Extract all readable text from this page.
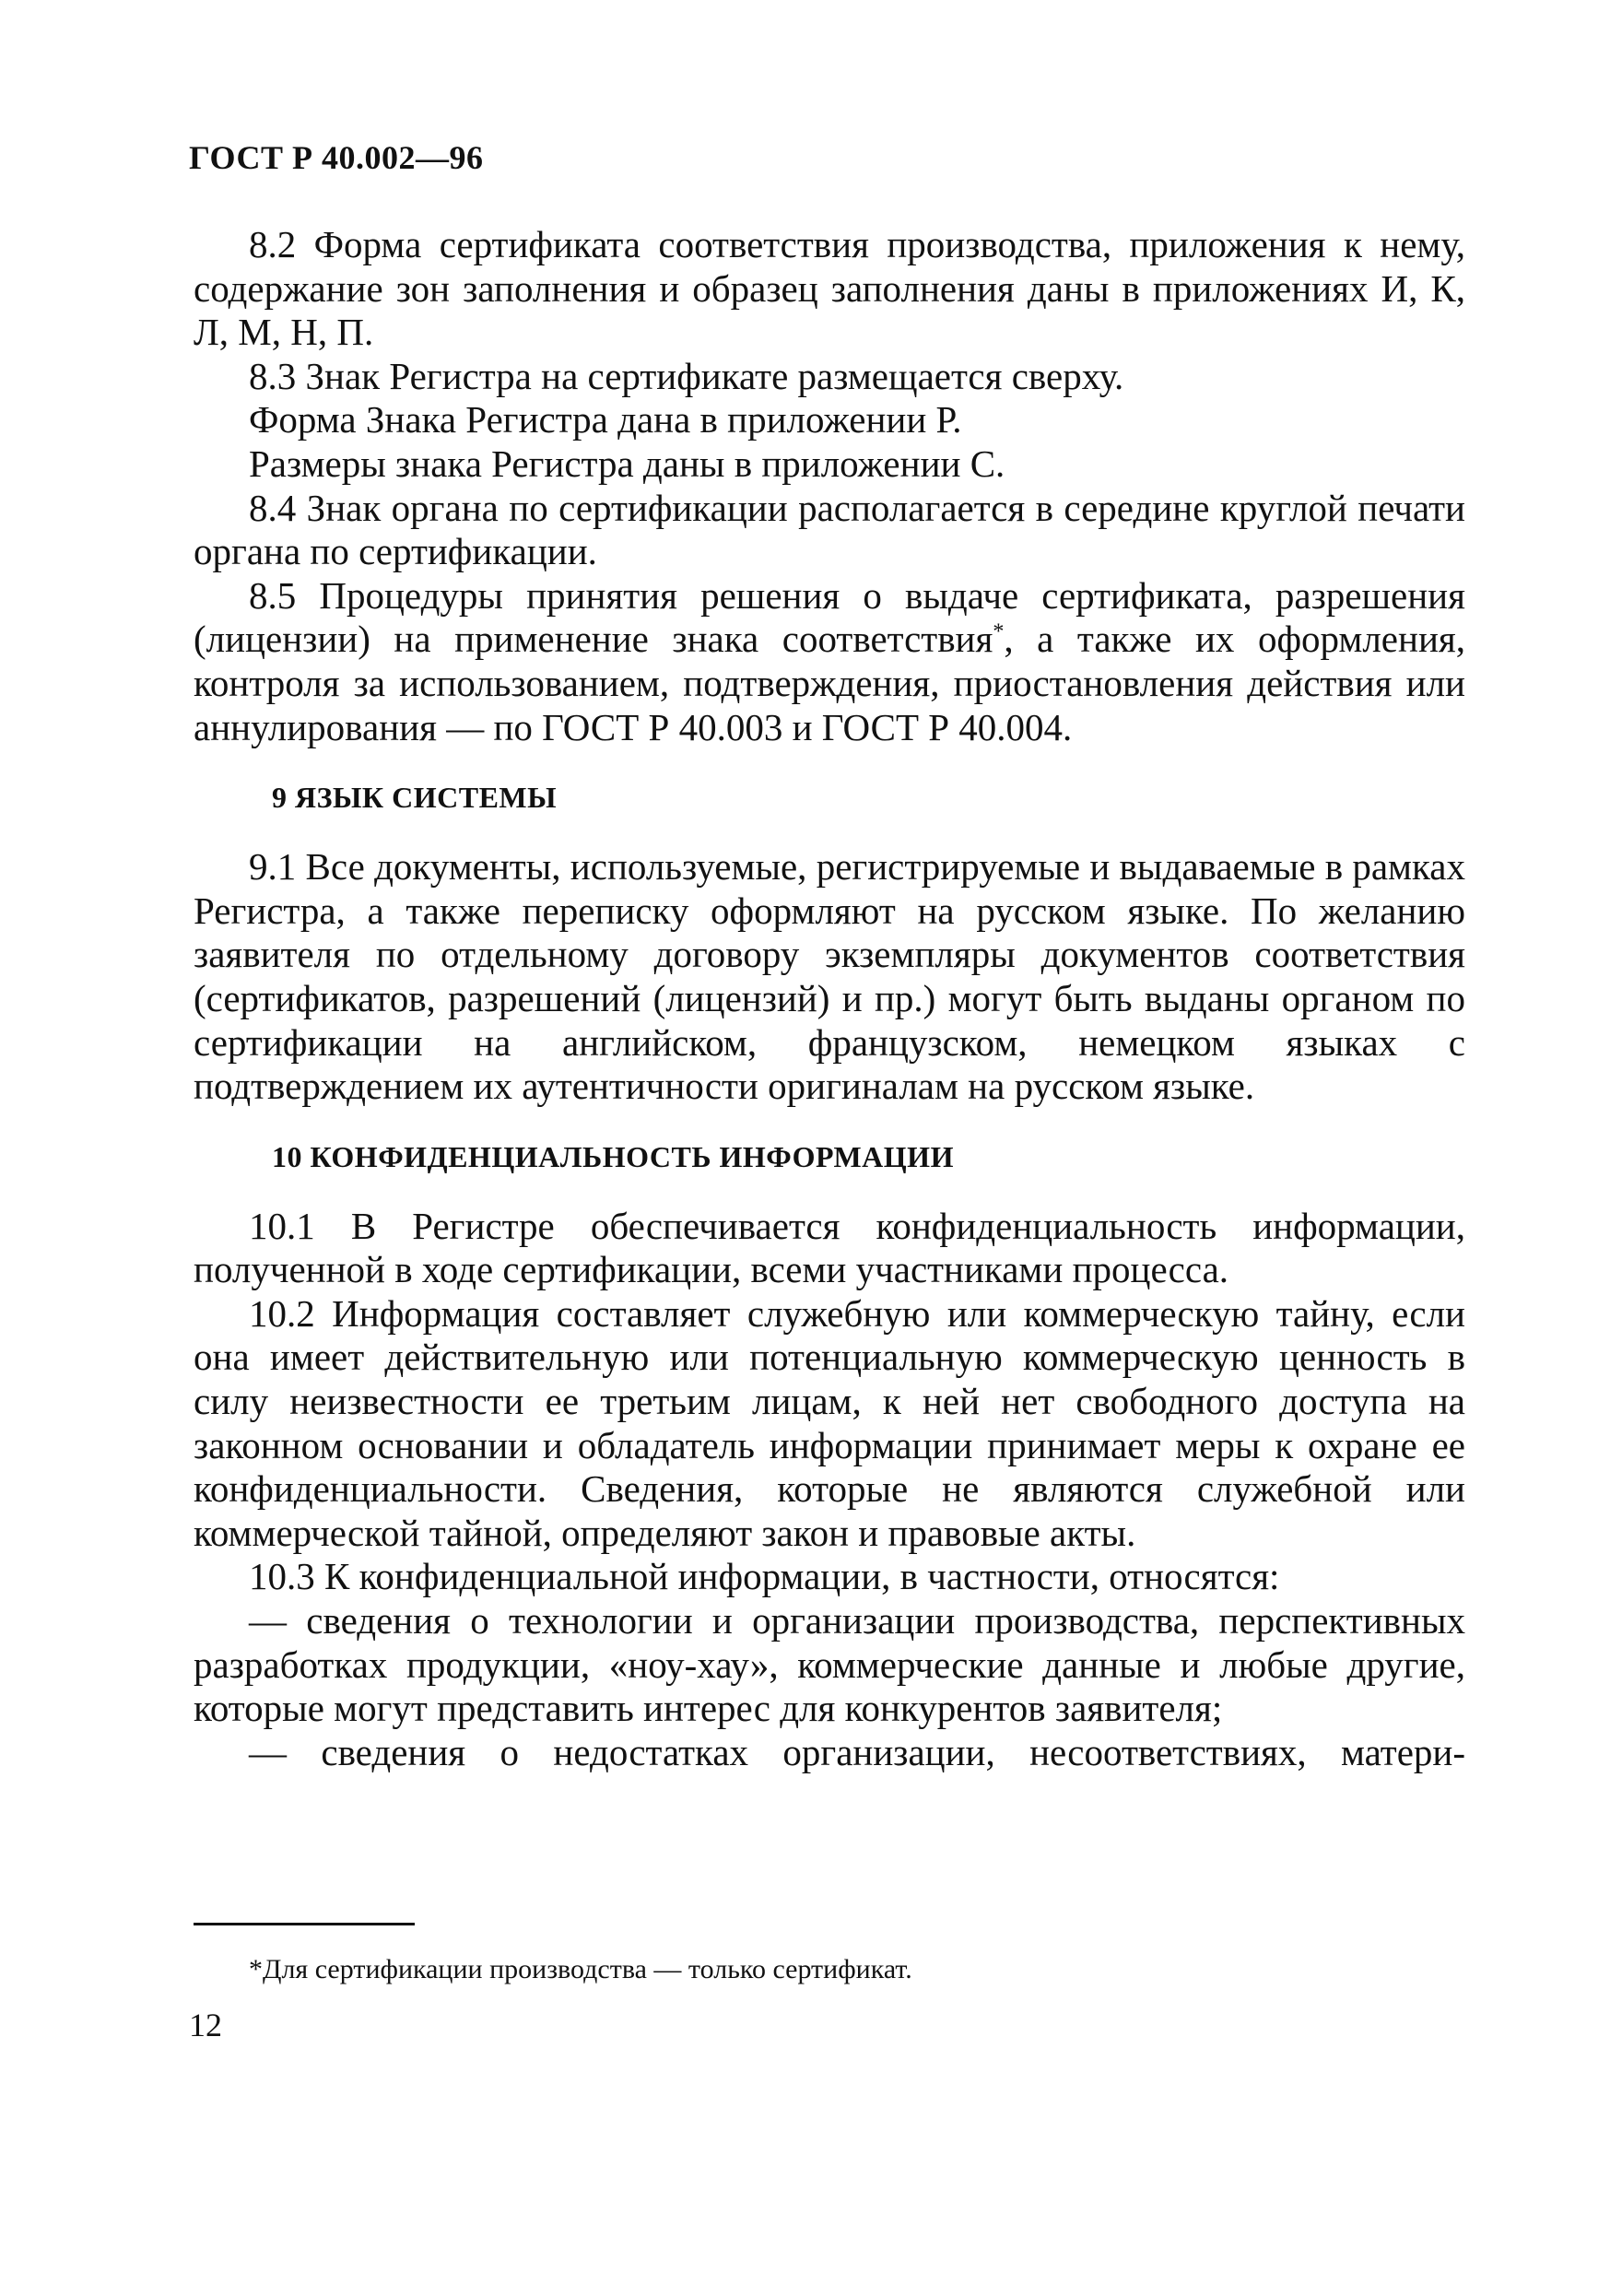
ГОСТ Р 40.002—96

8.2 Форма сертификата соответствия производства, приложения к нему, содержание зон заполнения и образец заполнения даны в приложениях И, К, Л, М, Н, П.

8.3 Знак Регистра на сертификате размещается сверху.

Форма Знака Регистра дана в приложении Р.

Размеры знака Регистра даны в приложении С.

8.4 Знак органа по сертификации располагается в середине круглой печати органа по сертификации.

8.5 Процедуры принятия решения о выдаче сертификата, разрешения (лицензии) на применение знака соответствия*, а также их оформления, контроля за использованием, подтверждения, приостановления действия или аннулирования — по ГОСТ Р 40.003 и ГОСТ Р 40.004.

9 ЯЗЫК СИСТЕМЫ

9.1 Все документы, используемые, регистрируемые и выдаваемые в рамках Регистра, а также переписку оформляют на русском языке. По желанию заявителя по отдельному договору экземпляры документов соответствия (сертификатов, разрешений (лицензий) и пр.) могут быть выданы органом по сертификации на английском, французском, немецком языках с подтверждением их аутентичности оригиналам на русском языке.

10 КОНФИДЕНЦИАЛЬНОСТЬ ИНФОРМАЦИИ

10.1 В Регистре обеспечивается конфиденциальность информации, полученной в ходе сертификации, всеми участниками процесса.

10.2 Информация составляет служебную или коммерческую тайну, если она имеет действительную или потенциальную коммерческую ценность в силу неизвестности ее третьим лицам, к ней нет свободного доступа на законном основании и обладатель информации принимает меры к охране ее конфиденциальности. Сведения, которые не являются служебной или коммерческой тайной, определяют закон и правовые акты.

10.3 К конфиденциальной информации, в частности, относятся:

— сведения о технологии и организации производства, перспективных разработках продукции, «ноу-хау», коммерческие данные и любые другие, которые могут представить интерес для конкурентов заявителя;

— сведения о недостатках организации, несоответствиях, матери-

*Для сертификации производства — только сертификат.
12
